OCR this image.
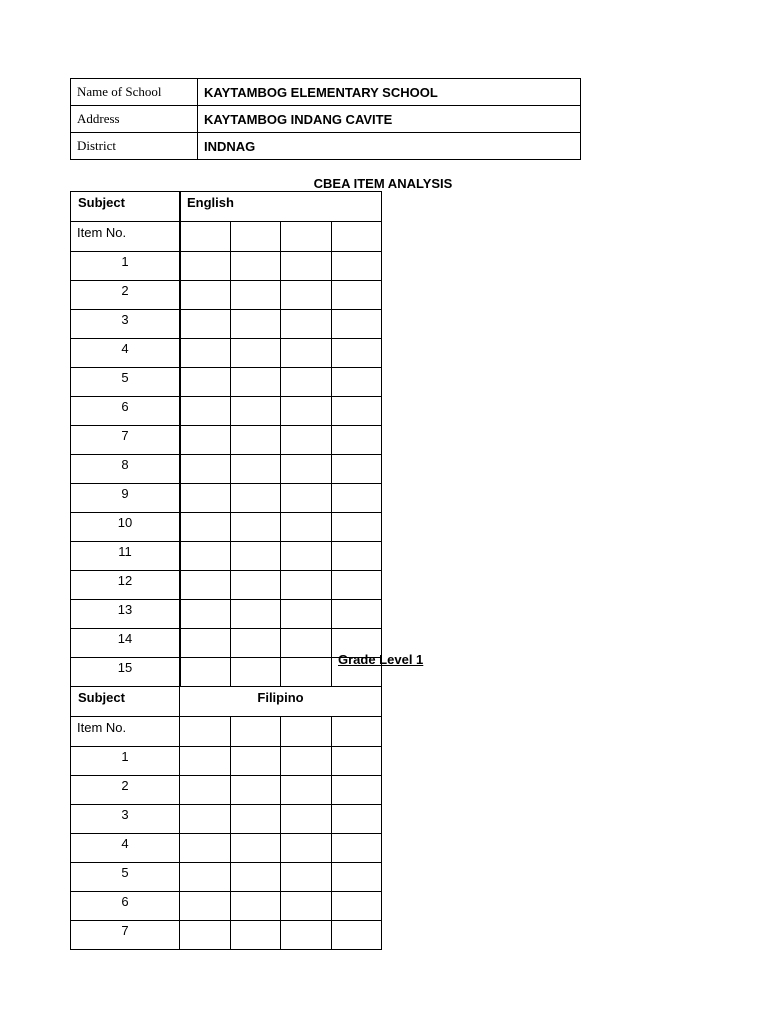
Name of School	KAYTAMBOG ELEMENTARY SCHOOL
Address	KAYTAMBOG INDANG CAVITE
District	INDNAG
CBEA ITEM ANALYSIS
Subject	English			
Item No.				
1				
2				
3				
4				
5				
6				
7				
8				
9				
10				
11				
12				
13				
14				
15				
Grade Level 1
Subject	Filipino			
Item No.				
1				
2				
3				
4				
5				
6				
7				
